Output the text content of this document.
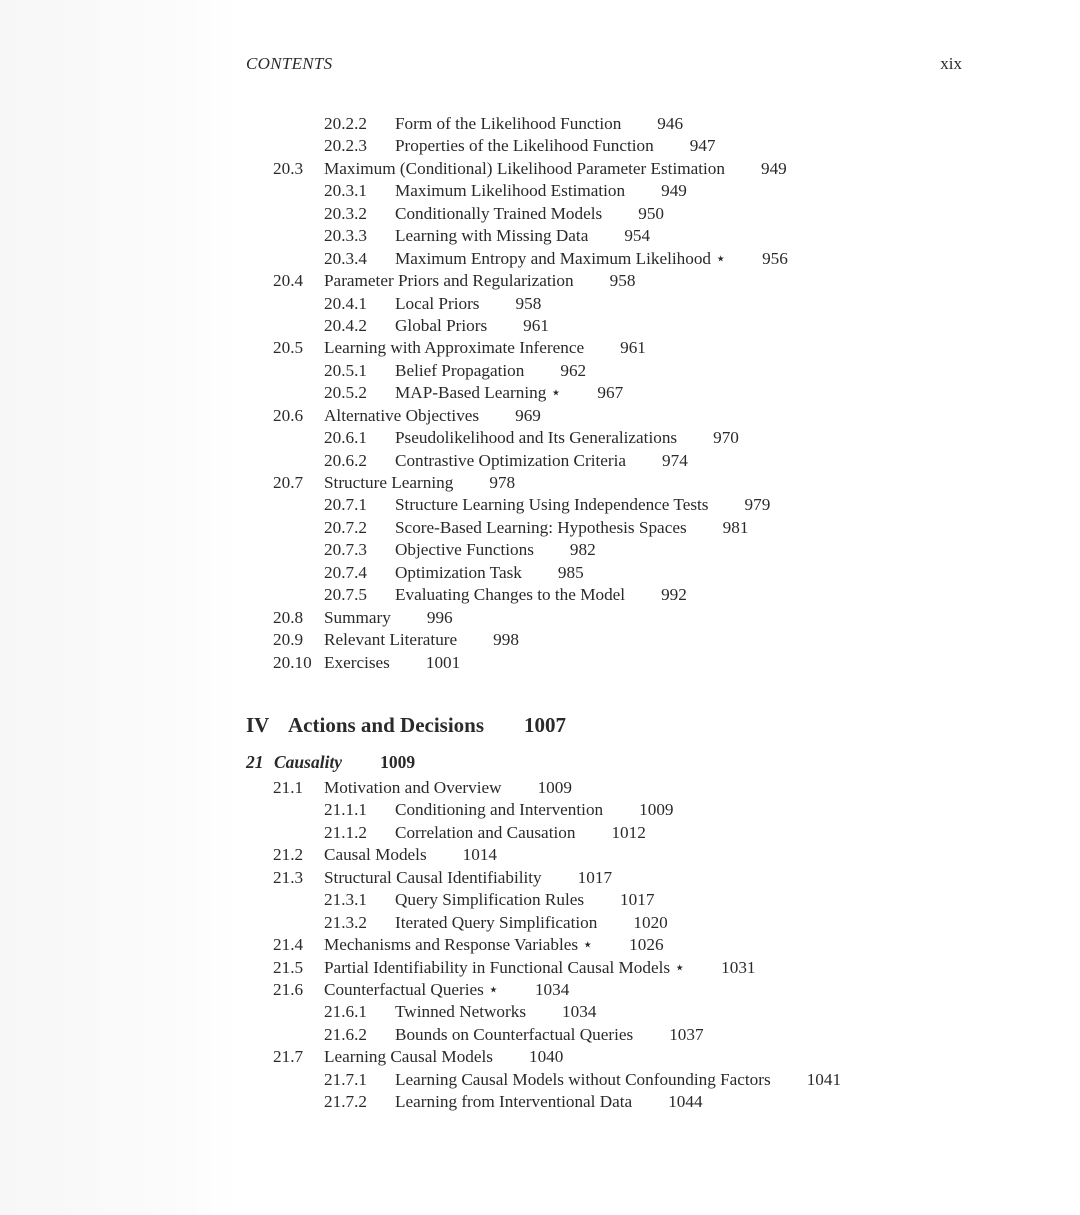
CONTENTS	xix
20.2.2 Form of the Likelihood Function 946
20.2.3 Properties of the Likelihood Function 947
20.3 Maximum (Conditional) Likelihood Parameter Estimation 949
20.3.1 Maximum Likelihood Estimation 949
20.3.2 Conditionally Trained Models 950
20.3.3 Learning with Missing Data 954
20.3.4 Maximum Entropy and Maximum Likelihood ⋆ 956
20.4 Parameter Priors and Regularization 958
20.4.1 Local Priors 958
20.4.2 Global Priors 961
20.5 Learning with Approximate Inference 961
20.5.1 Belief Propagation 962
20.5.2 MAP-Based Learning ⋆ 967
20.6 Alternative Objectives 969
20.6.1 Pseudolikelihood and Its Generalizations 970
20.6.2 Contrastive Optimization Criteria 974
20.7 Structure Learning 978
20.7.1 Structure Learning Using Independence Tests 979
20.7.2 Score-Based Learning: Hypothesis Spaces 981
20.7.3 Objective Functions 982
20.7.4 Optimization Task 985
20.7.5 Evaluating Changes to the Model 992
20.8 Summary 996
20.9 Relevant Literature 998
20.10 Exercises 1001
IV Actions and Decisions 1007
21 Causality 1009
21.1 Motivation and Overview 1009
21.1.1 Conditioning and Intervention 1009
21.1.2 Correlation and Causation 1012
21.2 Causal Models 1014
21.3 Structural Causal Identifiability 1017
21.3.1 Query Simplification Rules 1017
21.3.2 Iterated Query Simplification 1020
21.4 Mechanisms and Response Variables ⋆ 1026
21.5 Partial Identifiability in Functional Causal Models ⋆ 1031
21.6 Counterfactual Queries ⋆ 1034
21.6.1 Twinned Networks 1034
21.6.2 Bounds on Counterfactual Queries 1037
21.7 Learning Causal Models 1040
21.7.1 Learning Causal Models without Confounding Factors 1041
21.7.2 Learning from Interventional Data 1044
